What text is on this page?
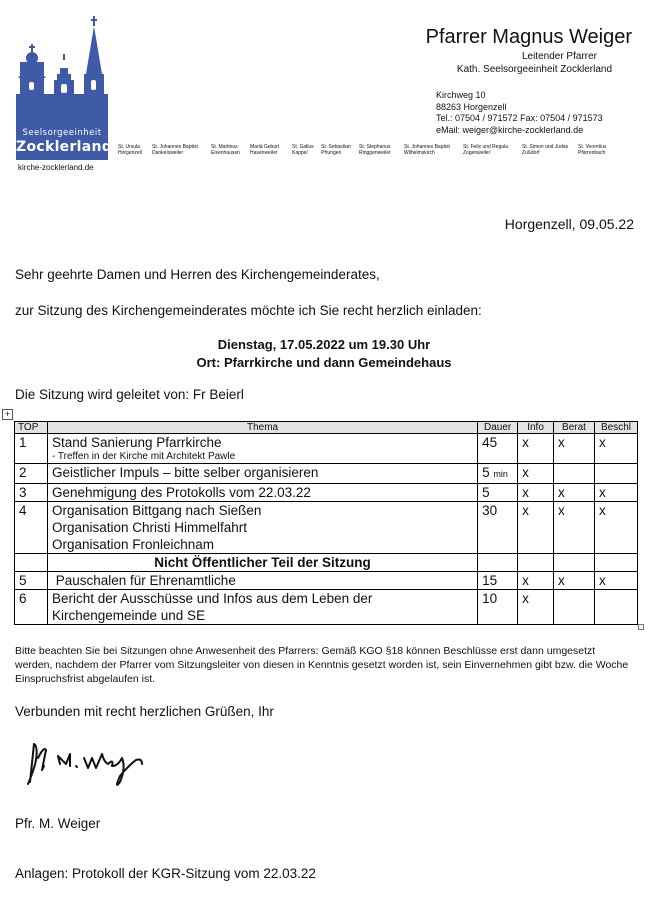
Seelsorgeeinheit
Zocklerland
kirche-zocklerland.de
Pfarrer Magnus Weiger
Leitender Pfarrer
Kath. Seelsorgeeinheit Zocklerland
Kirchweg 10
88263 Horgenzell
Tel.: 07504 / 971572 Fax: 07504 / 971573
eMail: weiger@kirche-zocklerland.de
St. Ursula
Horgenzell
St. Johannes Baptist
Dankelsweiler
St. Martinus
Eisenhausen
Mariä Geburt
Hasenweiler
St. Gallus
Kappel
St. Sebastian
Pfrungen
St. Stephanus
Ringgenweiler
St. Johannes Baptist
Wilhelmskirch
St. Felix und Regula
Zogenweiler
St. Simon und Judas
Zußdorf
St. Verentius
Pfärrenbach
Horgenzell, 09.05.22
Sehr geehrte Damen und Herren des Kirchengemeinderates,
zur Sitzung des Kirchengemeinderates möchte ich Sie recht herzlich einladen:
Dienstag, 17.05.2022 um 19.30 Uhr
Ort: Pfarrkirche und dann Gemeindehaus
Die Sitzung wird geleitet von: Fr Beierl
+
TOP	Thema	Dauer	Info	Berat	Beschl
1	Stand Sanierung Pfarrkirche
- Treffen in der Kirche mit Architekt Pawle	45	x	x	x
2	Geistlicher Impuls – bitte selber organisieren	5 min	x		
3	Genehmigung des Protokolls vom 22.03.22	5	x	x	x
4	Organisation Bittgang nach Sießen
Organisation Christi Himmelfahrt
Organisation Fronleichnam	30	x	x	x
	Nicht Öffentlicher Teil der Sitzung				
5	Pauschalen für Ehrenamtliche	15	x	x	x
6	Bericht der Ausschüsse und Infos aus dem Leben der
Kirchengemeinde und SE	10	x		
Bitte beachten Sie bei Sitzungen ohne Anwesenheit des Pfarrers: Gemäß KGO §18 können Beschlüsse erst dann umgesetzt werden, nachdem der Pfarrer vom Sitzungsleiter von diesen in Kenntnis gesetzt worden ist, sein Einvernehmen gibt bzw. die Woche Einspruchsfrist abgelaufen ist.
Verbunden mit recht herzlichen Grüßen, Ihr
Pfr. M. Weiger
Anlagen: Protokoll der KGR-Sitzung vom 22.03.22
